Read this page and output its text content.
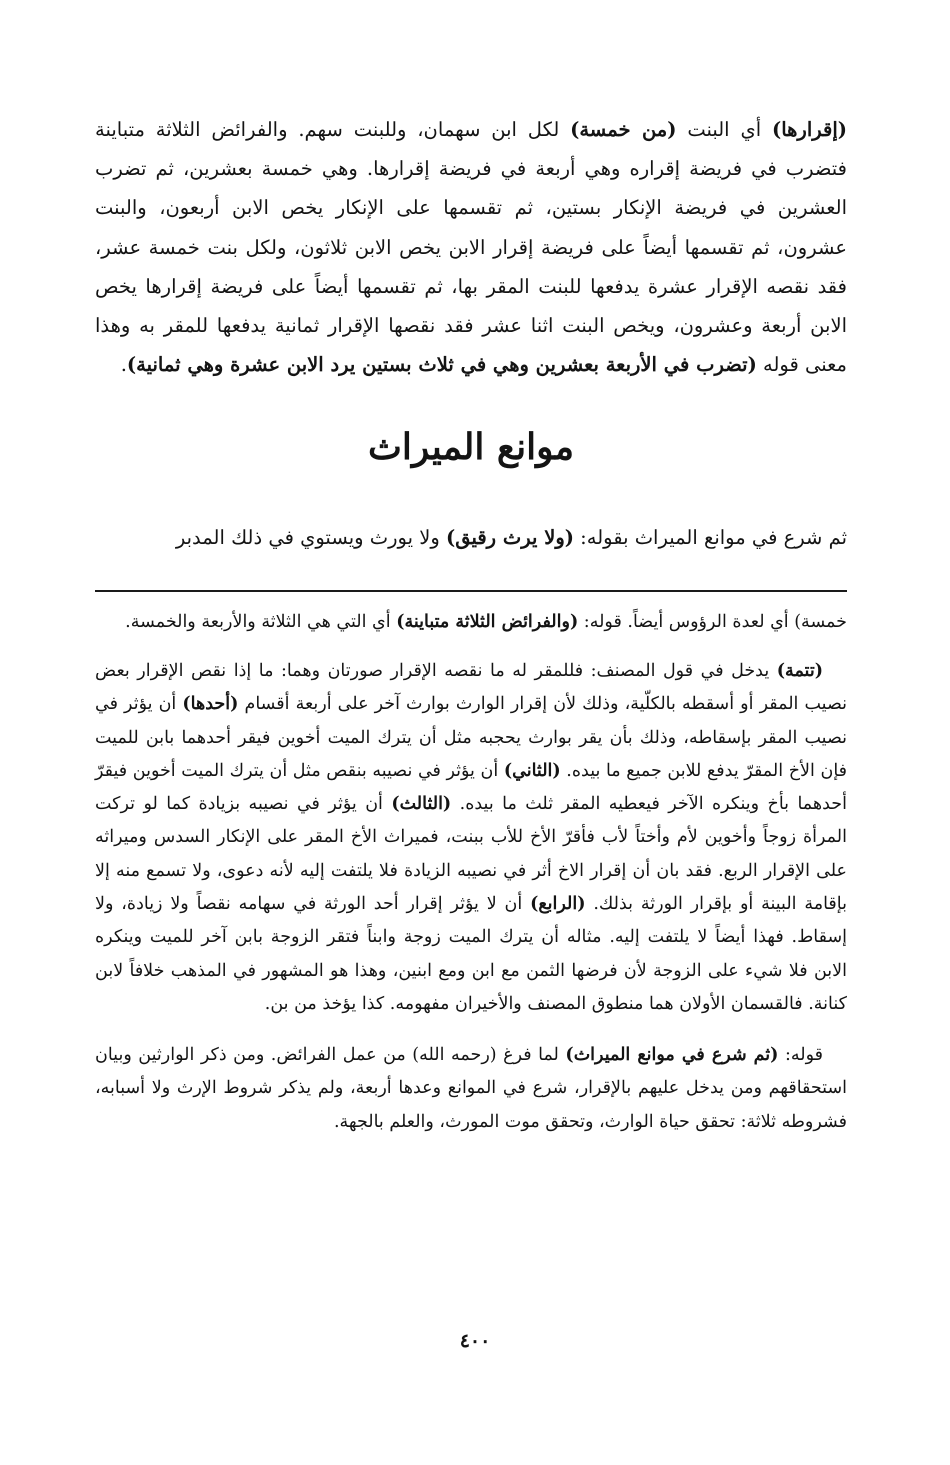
(إقرارها) أي البنت (من خمسة) لكل ابن سهمان، وللبنت سهم. والفرائض الثلاثة متباينة فتضرب في فريضة إقراره وهي أربعة في فريضة إقرارها. وهي خمسة بعشرين، ثم تضرب العشرين في فريضة الإنكار بستين، ثم تقسمها على الإنكار يخص الابن أربعون، والبنت عشرون، ثم تقسمها أيضاً على فريضة إقرار الابن يخص الابن ثلاثون، ولكل بنت خمسة عشر، فقد نقصه الإقرار عشرة يدفعها للبنت المقر بها، ثم تقسمها أيضاً على فريضة إقرارها يخص الابن أربعة وعشرون، ويخص البنت اثنا عشر فقد نقصها الإقرار ثمانية يدفعها للمقر به وهذا معنى قوله (تضرب في الأربعة بعشرين وهي في ثلاث بستين يرد الابن عشرة وهي ثمانية).

موانع الميراث

ثم شرع في موانع الميراث بقوله: (ولا يرث رقيق) ولا يورث ويستوي في ذلك المدبر

خمسة) أي لعدة الرؤوس أيضاً. قوله: (والفرائض الثلاثة متباينة) أي التي هي الثلاثة والأربعة والخمسة.

(تتمة) يدخل في قول المصنف: فللمقر له ما نقصه الإقرار صورتان وهما: ما إذا نقص الإقرار بعض نصيب المقر أو أسقطه بالكلّية، وذلك لأن إقرار الوارث بوارث آخر على أربعة أقسام (أحدها) أن يؤثر في نصيب المقر بإسقاطه، وذلك بأن يقر بوارث يحجبه مثل أن يترك الميت أخوين فيقر أحدهما بابن للميت فإن الأخ المقرّ يدفع للابن جميع ما بيده. (الثاني) أن يؤثر في نصيبه بنقص مثل أن يترك الميت أخوين فيقرّ أحدهما بأخ وينكره الآخر فيعطيه المقر ثلث ما بيده. (الثالث) أن يؤثر في نصيبه بزيادة كما لو تركت المرأة زوجاً وأخوين لأم وأختاً لأب فأقرّ الأخ للأب ببنت، فميراث الأخ المقر على الإنكار السدس وميراثه على الإقرار الربع. فقد بان أن إقرار الاخ أثر في نصيبه الزيادة فلا يلتفت إليه لأنه دعوى، ولا تسمع منه إلا بإقامة البينة أو بإقرار الورثة بذلك. (الرابع) أن لا يؤثر إقرار أحد الورثة في سهامه نقصاً ولا زيادة، ولا إسقاط. فهذا أيضاً لا يلتفت إليه. مثاله أن يترك الميت زوجة وابناً فتقر الزوجة بابن آخر للميت وينكره الابن فلا شيء على الزوجة لأن فرضها الثمن مع ابن ومع ابنين، وهذا هو المشهور في المذهب خلافاً لابن كنانة. فالقسمان الأولان هما منطوق المصنف والأخيران مفهومه. كذا يؤخذ من بن.

قوله: (ثم شرع في موانع الميراث) لما فرغ (رحمه الله) من عمل الفرائض. ومن ذكر الوارثين وبيان استحقاقهم ومن يدخل عليهم بالإقرار، شرع في الموانع وعدها أربعة، ولم يذكر شروط الإرث ولا أسبابه، فشروطه ثلاثة: تحقق حياة الوارث، وتحقق موت المورث، والعلم بالجهة.

٤٠٠
